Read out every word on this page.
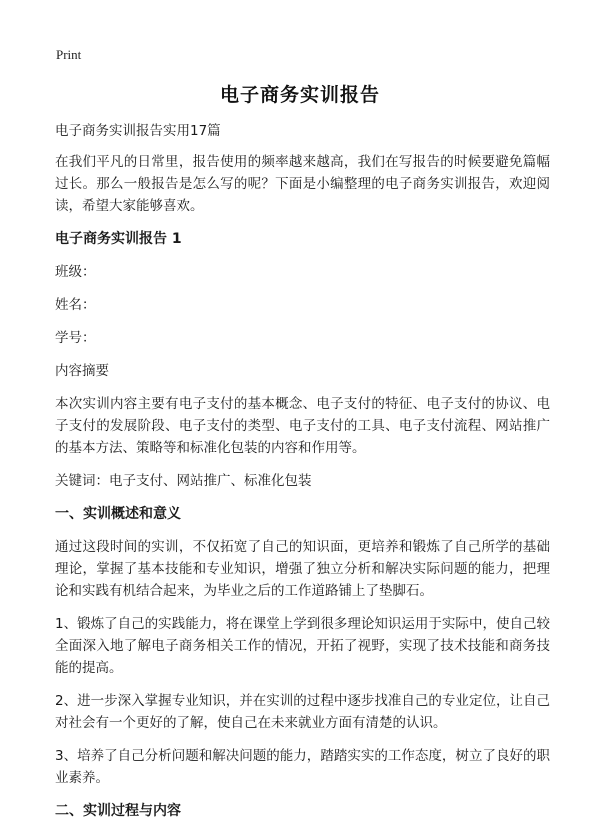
Print
电子商务实训报告

电子商务实训报告实用17篇

在我们平凡的日常里，报告使用的频率越来越高，我们在写报告的时候要避免篇幅过长。那么一般报告是怎么写的呢？下面是小编整理的电子商务实训报告，欢迎阅读，希望大家能够喜欢。

电子商务实训报告 1

班级：

姓名：

学号：

内容摘要

本次实训内容主要有电子支付的基本概念、电子支付的特征、电子支付的协议、电子支付的发展阶段、电子支付的类型、电子支付的工具、电子支付流程、网站推广的基本方法、策略等和标准化包装的内容和作用等。

关键词：电子支付、网站推广、标准化包装

一、实训概述和意义

通过这段时间的实训，不仅拓宽了自己的知识面，更培养和锻炼了自己所学的基础理论，掌握了基本技能和专业知识，增强了独立分析和解决实际问题的能力，把理论和实践有机结合起来，为毕业之后的工作道路铺上了垫脚石。

1、锻炼了自己的实践能力，将在课堂上学到很多理论知识运用于实际中，使自己较全面深入地了解电子商务相关工作的情况，开拓了视野，实现了技术技能和商务技能的提高。

2、进一步深入掌握专业知识，并在实训的过程中逐步找准自己的专业定位，让自己对社会有一个更好的了解，使自己在未来就业方面有清楚的认识。

3、培养了自己分析问题和解决问题的能力，踏踏实实的工作态度，树立了良好的职业素养。

二、实训过程与内容
